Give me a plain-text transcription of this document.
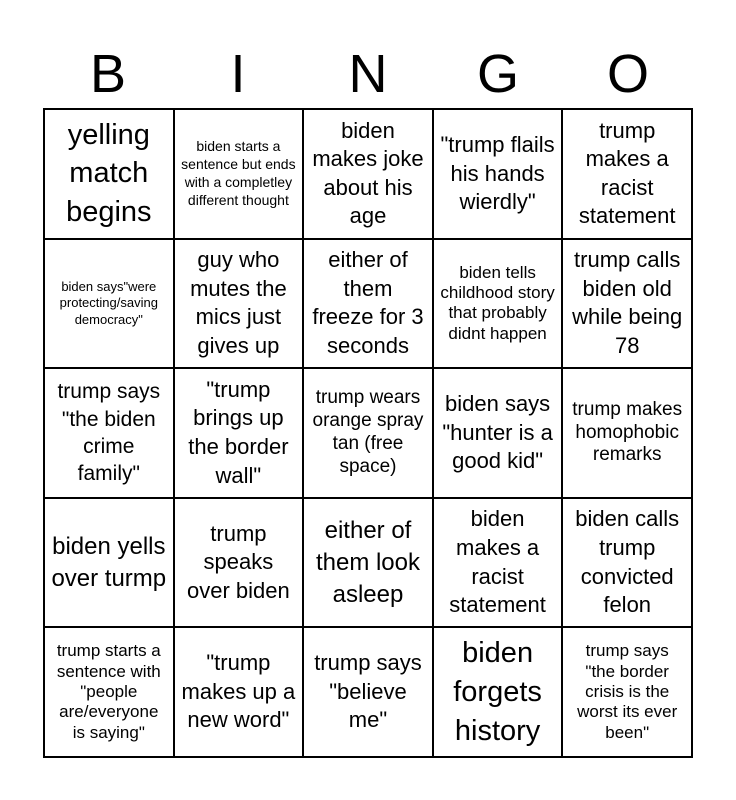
B	I	N	G	O
yelling match begins
biden starts a sentence but ends with a completley different thought
biden makes joke about his age
"trump flails his hands wierdly"
trump makes a racist statement
biden says"were protecting/saving democracy"
guy who mutes the mics just gives up
either of them freeze for 3 seconds
biden tells childhood story that probably didnt happen
trump calls biden old while being 78
trump says "the biden crime family"
"trump brings up the border wall"
trump wears orange spray tan (free space)
biden says "hunter is a good kid"
trump makes homophobic remarks
biden yells over turmp
trump speaks over biden
either of them look asleep
biden makes a racist statement
biden calls trump convicted felon
trump starts a sentence with "people are/everyone is saying"
"trump makes up a new word"
trump says "believe me"
biden forgets history
trump says "the border crisis is the worst its ever been"
